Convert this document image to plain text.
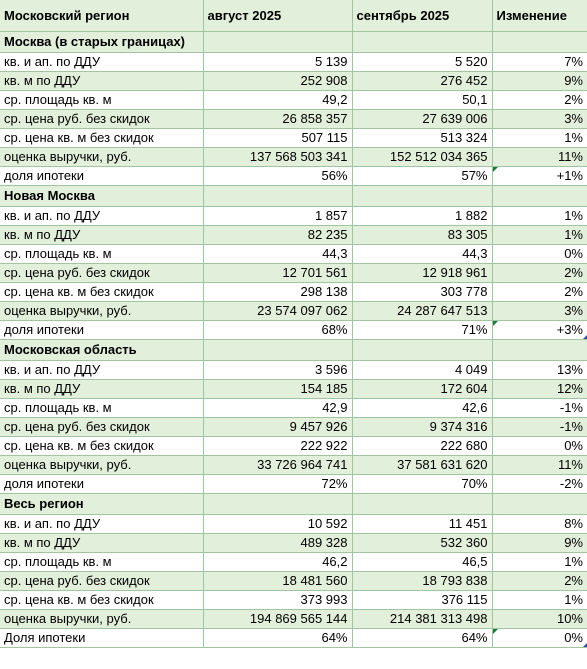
Московский регион	август 2025	сентябрь 2025	Изменение
Москва (в старых границах)			
кв. и ап. по ДДУ	5 139	5 520	7%
кв. м по ДДУ	252 908	276 452	9%
ср. площадь кв. м	49,2	50,1	2%
ср. цена руб. без скидок	26 858 357	27 639 006	3%
ср. цена кв. м без скидок	507 115	513 324	1%
оценка выручки, руб.	137 568 503 341	152 512 034 365	11%
доля ипотеки	56%	57%	+1%
Новая Москва			
кв. и ап. по ДДУ	1 857	1 882	1%
кв. м по ДДУ	82 235	83 305	1%
ср. площадь кв. м	44,3	44,3	0%
ср. цена руб. без скидок	12 701 561	12 918 961	2%
ср. цена кв. м без скидок	298 138	303 778	2%
оценка выручки, руб.	23 574 097 062	24 287 647 513	3%
доля ипотеки	68%	71%	+3%
Московская область			
кв. и ап. по ДДУ	3 596	4 049	13%
кв. м по ДДУ	154 185	172 604	12%
ср. площадь кв. м	42,9	42,6	-1%
ср. цена руб. без скидок	9 457 926	9 374 316	-1%
ср. цена кв. м без скидок	222 922	222 680	0%
оценка выручки, руб.	33 726 964 741	37 581 631 620	11%
доля ипотеки	72%	70%	-2%
Весь регион			
кв. и ап. по ДДУ	10 592	11 451	8%
кв. м по ДДУ	489 328	532 360	9%
ср. площадь кв. м	46,2	46,5	1%
ср. цена руб. без скидок	18 481 560	18 793 838	2%
ср. цена кв. м без скидок	373 993	376 115	1%
оценка выручки, руб.	194 869 565 144	214 381 313 498	10%
Доля ипотеки	64%	64%	0%
